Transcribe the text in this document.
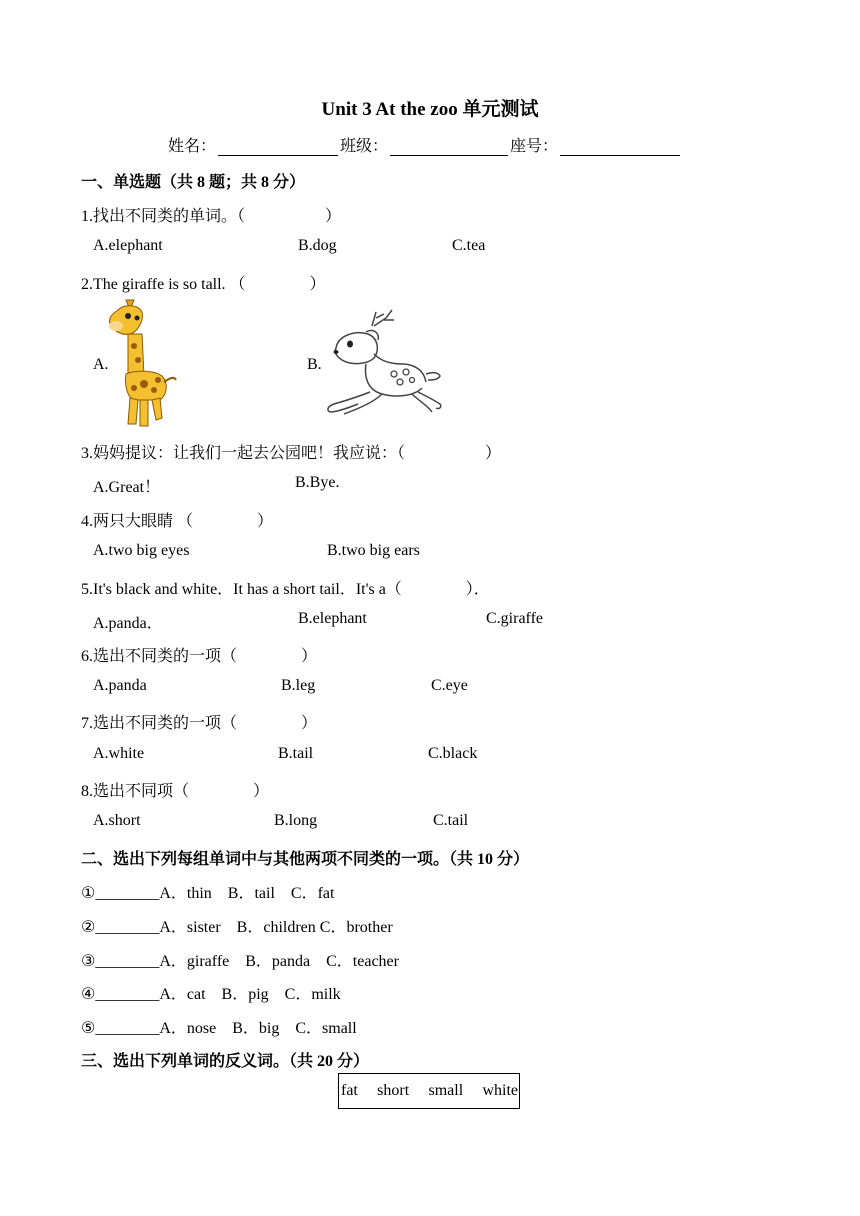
Unit 3 At the zoo 单元测试
姓名：	班级：	座号：
一、单选题（共 8 题；共 8 分）
1.找出不同类的单词。（　　　　　）
A.elephant	B.dog	C.tea
2.The giraffe is so tall. （　　　　）
A.	B.
3.妈妈提议：让我们一起去公园吧！我应说：（　　　　　）
A.Great！	B.Bye.
4.两只大眼睛 （　　　　）
A.two big eyes	B.two big ears
5.It's black and white．It has a short tail．It's a（　　　　）．
A.panda．	B.elephant	C.giraffe
6.选出不同类的一项（　　　　）
A.panda	B.leg	C.eye
7.选出不同类的一项（　　　　）
A.white	B.tail	C.black
8.选出不同项（　　　　）
A.short	B.long	C.tail
二、选出下列每组单词中与其他两项不同类的一项。（共 10 分）
①________A．thin　B．tail　C．fat
②________A．sister　B．children C．brother
③________A．giraffe　B．panda　C．teacher
④________A．cat　B．pig　C．milk
⑤________A．nose　B．big　C．small
三、选出下列单词的反义词。（共 20 分）
fat short small white
